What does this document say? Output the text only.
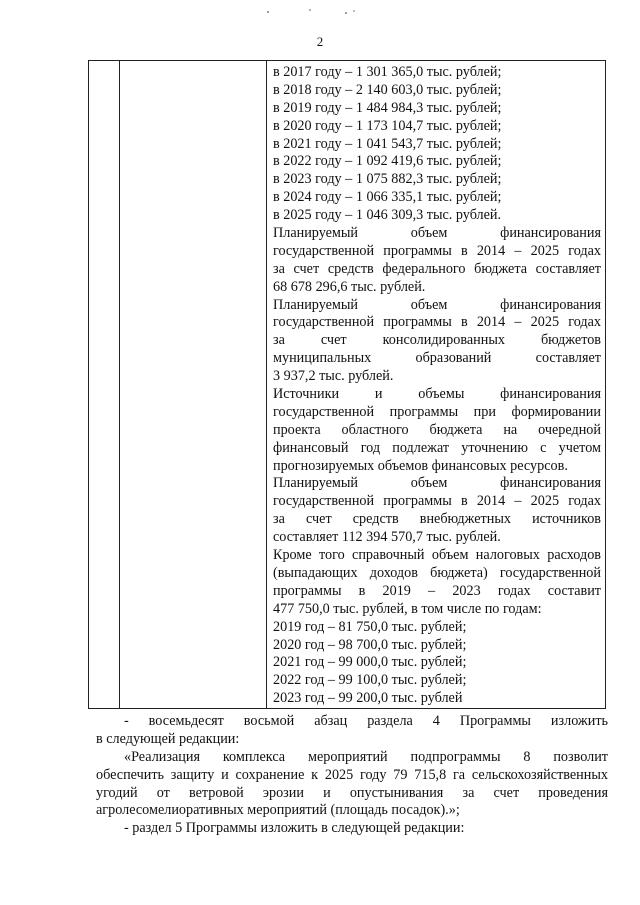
2

в 2017 году – 1 301 365,0 тыс. рублей;
в 2018 году – 2 140 603,0 тыс. рублей;
в 2019 году – 1 484 984,3 тыс. рублей;
в 2020 году – 1 173 104,7 тыс. рублей;
в 2021 году – 1 041 543,7 тыс. рублей;
в 2022 году – 1 092 419,6 тыс. рублей;
в 2023 году – 1 075 882,3 тыс. рублей;
в 2024 году – 1 066 335,1 тыс. рублей;
в 2025 году – 1 046 309,3 тыс. рублей.
Планируемый объем финансирования
государственной программы в 2014 – 2025 годах
за счет средств федерального бюджета составляет
68 678 296,6 тыс. рублей.
Планируемый объем финансирования
государственной программы в 2014 – 2025 годах
за счет консолидированных бюджетов
муниципальных образований составляет
3 937,2 тыс. рублей.
Источники и объемы финансирования
государственной программы при формировании
проекта областного бюджета на очередной
финансовый год подлежат уточнению с учетом
прогнозируемых объемов финансовых ресурсов.
Планируемый объем финансирования
государственной программы в 2014 – 2025 годах
за счет средств внебюджетных источников
составляет 112 394 570,7 тыс. рублей.
Кроме того справочный объем налоговых расходов
(выпадающих доходов бюджета) государственной
программы в 2019 – 2023 годах составит
477 750,0 тыс. рублей, в том числе по годам:
2019 год – 81 750,0 тыс. рублей;
2020 год – 98 700,0 тыс. рублей;
2021 год – 99 000,0 тыс. рублей;
2022 год – 99 100,0 тыс. рублей;
2023 год – 99 200,0 тыс. рублей
- восемьдесят восьмой абзац раздела 4 Программы изложить
в следующей редакции:
«Реализация комплекса мероприятий подпрограммы 8 позволит
обеспечить защиту и сохранение к 2025 году 79 715,8 га сельскохозяйственных
угодий от ветровой эрозии и опустынивания за счет проведения
агролесомелиоративных мероприятий (площадь посадок).»;
- раздел 5 Программы изложить в следующей редакции:
